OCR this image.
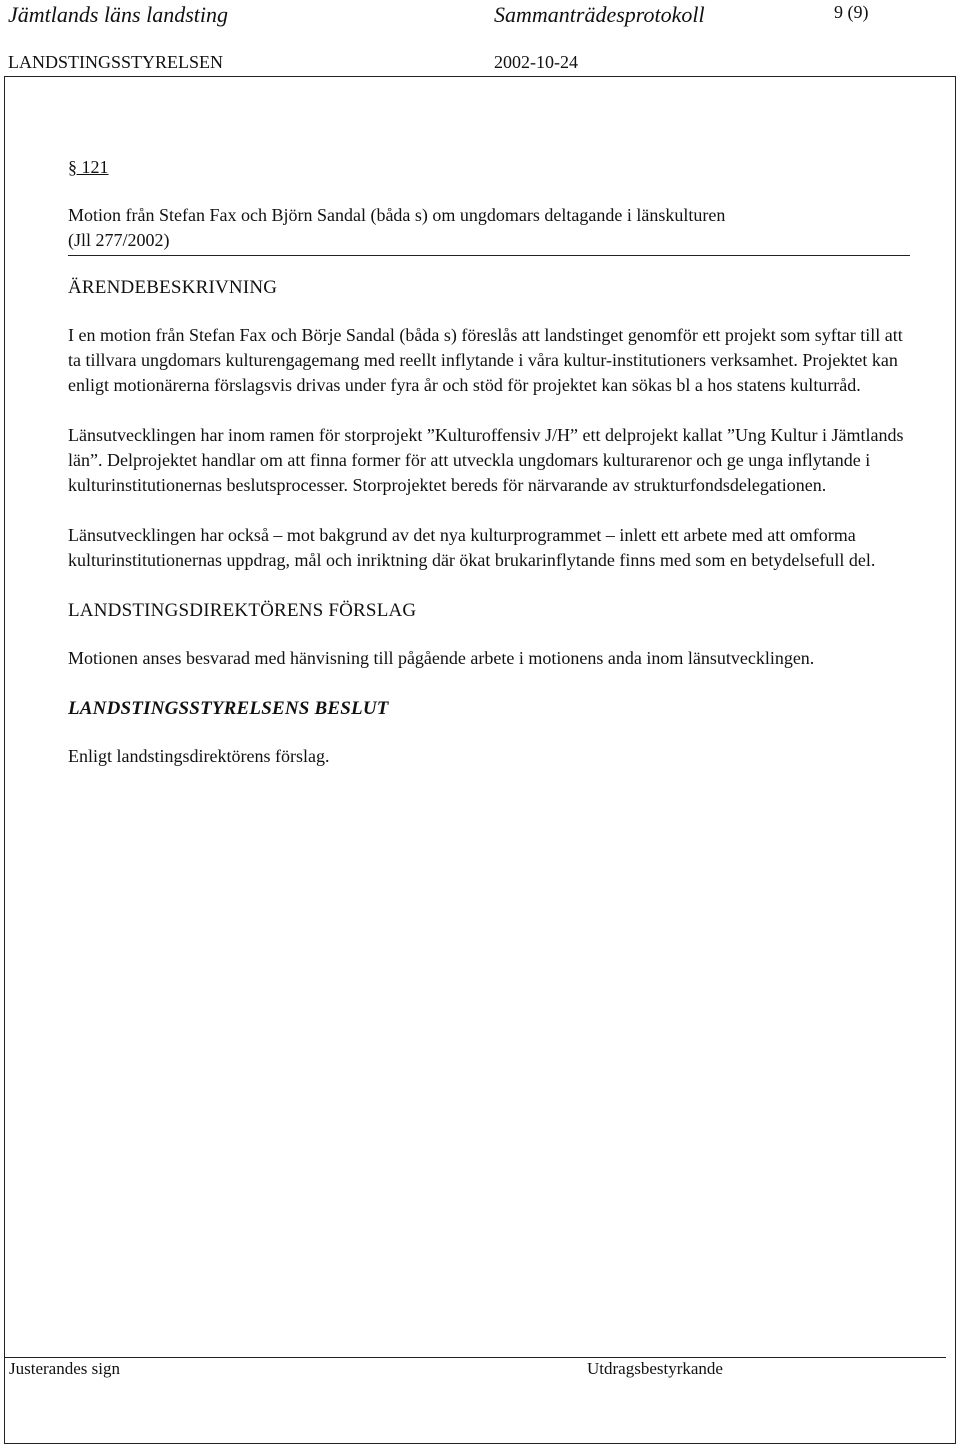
Jämtlands läns landsting	Sammanträdesprotokoll	9 (9)
LANDSTINGSSTYRELSEN	2002-10-24
§ 121

Motion från Stefan Fax och Björn Sandal (båda s) om ungdomars deltagande i länskulturen
(Jll 277/2002)

ÄRENDEBESKRIVNING

I en motion från Stefan Fax och Börje Sandal (båda s) föreslås att landstinget genomför ett projekt som syftar till att ta tillvara ungdomars kulturengagemang med reellt inflytande i våra kultur-institutioners verksamhet. Projektet kan enligt motionärerna förslagsvis drivas under fyra år och stöd för projektet kan sökas bl a hos statens kulturråd.

Länsutvecklingen har inom ramen för storprojekt ”Kulturoffensiv J/H” ett delprojekt kallat ”Ung Kultur i Jämtlands län”. Delprojektet handlar om att finna former för att utveckla ungdomars kulturarenor och ge unga inflytande i kulturinstitutionernas beslutsprocesser. Storprojektet bereds för närvarande av strukturfondsdelegationen.

Länsutvecklingen har också – mot bakgrund av det nya kulturprogrammet – inlett ett arbete med att omforma kulturinstitutionernas uppdrag, mål och inriktning där ökat brukarinflytande finns med som en betydelsefull del.

LANDSTINGSDIREKTÖRENS FÖRSLAG

Motionen anses besvarad med hänvisning till pågående arbete i motionens anda inom länsutvecklingen.

LANDSTINGSSTYRELSENS BESLUT

Enligt landstingsdirektörens förslag.

Justerandes sign	Utdragsbestyrkande
